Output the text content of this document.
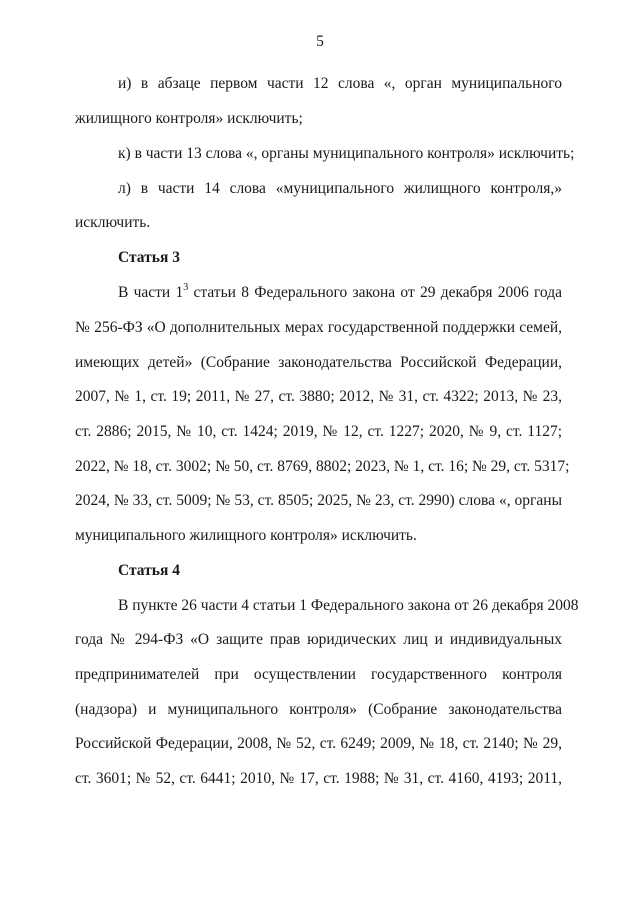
5
и) в абзаце первом части 12 слова «, орган муниципального
жилищного контроля» исключить;
к) в части 13 слова «, органы муниципального контроля» исключить;
л) в части 14 слова «муниципального жилищного контроля,»
исключить.
Статья 3
В части $1^3$ статьи 8 Федерального закона от 29 декабря 2006 года
№ 256-ФЗ «О дополнительных мерах государственной поддержки семей,
имеющих детей» (Собрание законодательства Российской Федерации,
2007, № 1, ст. 19; 2011, № 27, ст. 3880; 2012, № 31, ст. 4322; 2013, № 23,
ст. 2886; 2015, № 10, ст. 1424; 2019, № 12, ст. 1227; 2020, № 9, ст. 1127;
2022, № 18, ст. 3002; № 50, ст. 8769, 8802; 2023, № 1, ст. 16; № 29, ст. 5317;
2024, № 33, ст. 5009; № 53, ст. 8505; 2025, № 23, ст. 2990) слова «, органы
муниципального жилищного контроля» исключить.
Статья 4
В пункте 26 части 4 статьи 1 Федерального закона от 26 декабря 2008
года № 294-ФЗ «О защите прав юридических лиц и индивидуальных
предпринимателей при осуществлении государственного контроля
(надзора) и муниципального контроля» (Собрание законодательства
Российской Федерации, 2008, № 52, ст. 6249; 2009, № 18, ст. 2140; № 29,
ст. 3601; № 52, ст. 6441; 2010, № 17, ст. 1988; № 31, ст. 4160, 4193; 2011,
